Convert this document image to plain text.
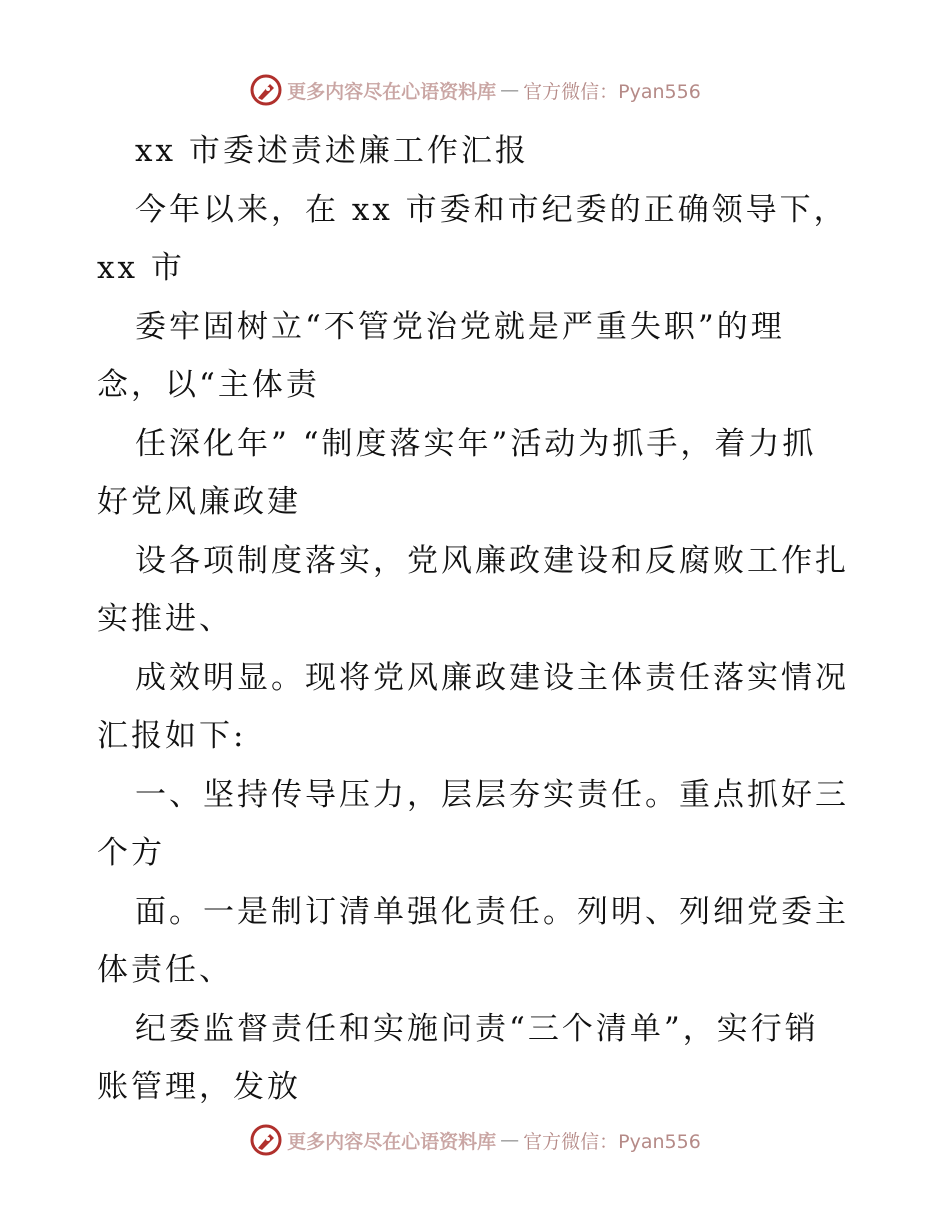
更多内容尽在心语资料库 — 官方微信：Pyan556
xx 市委述责述廉工作汇报
今年以来，在 xx 市委和市纪委的正确领导下，
xx 市
委牢固树立“不管党治党就是严重失职”的理
念，以“主体责
任深化年” “制度落实年”活动为抓手，着力抓
好党风廉政建
设各项制度落实，党风廉政建设和反腐败工作扎
实推进、
成效明显。现将党风廉政建设主体责任落实情况
汇报如下:
一、坚持传导压力，层层夯实责任。重点抓好三
个方
面。一是制订清单强化责任。列明、列细党委主
体责任、
纪委监督责任和实施问责“三个清单”，实行销
账管理，发放
更多内容尽在心语资料库 — 官方微信：Pyan556
